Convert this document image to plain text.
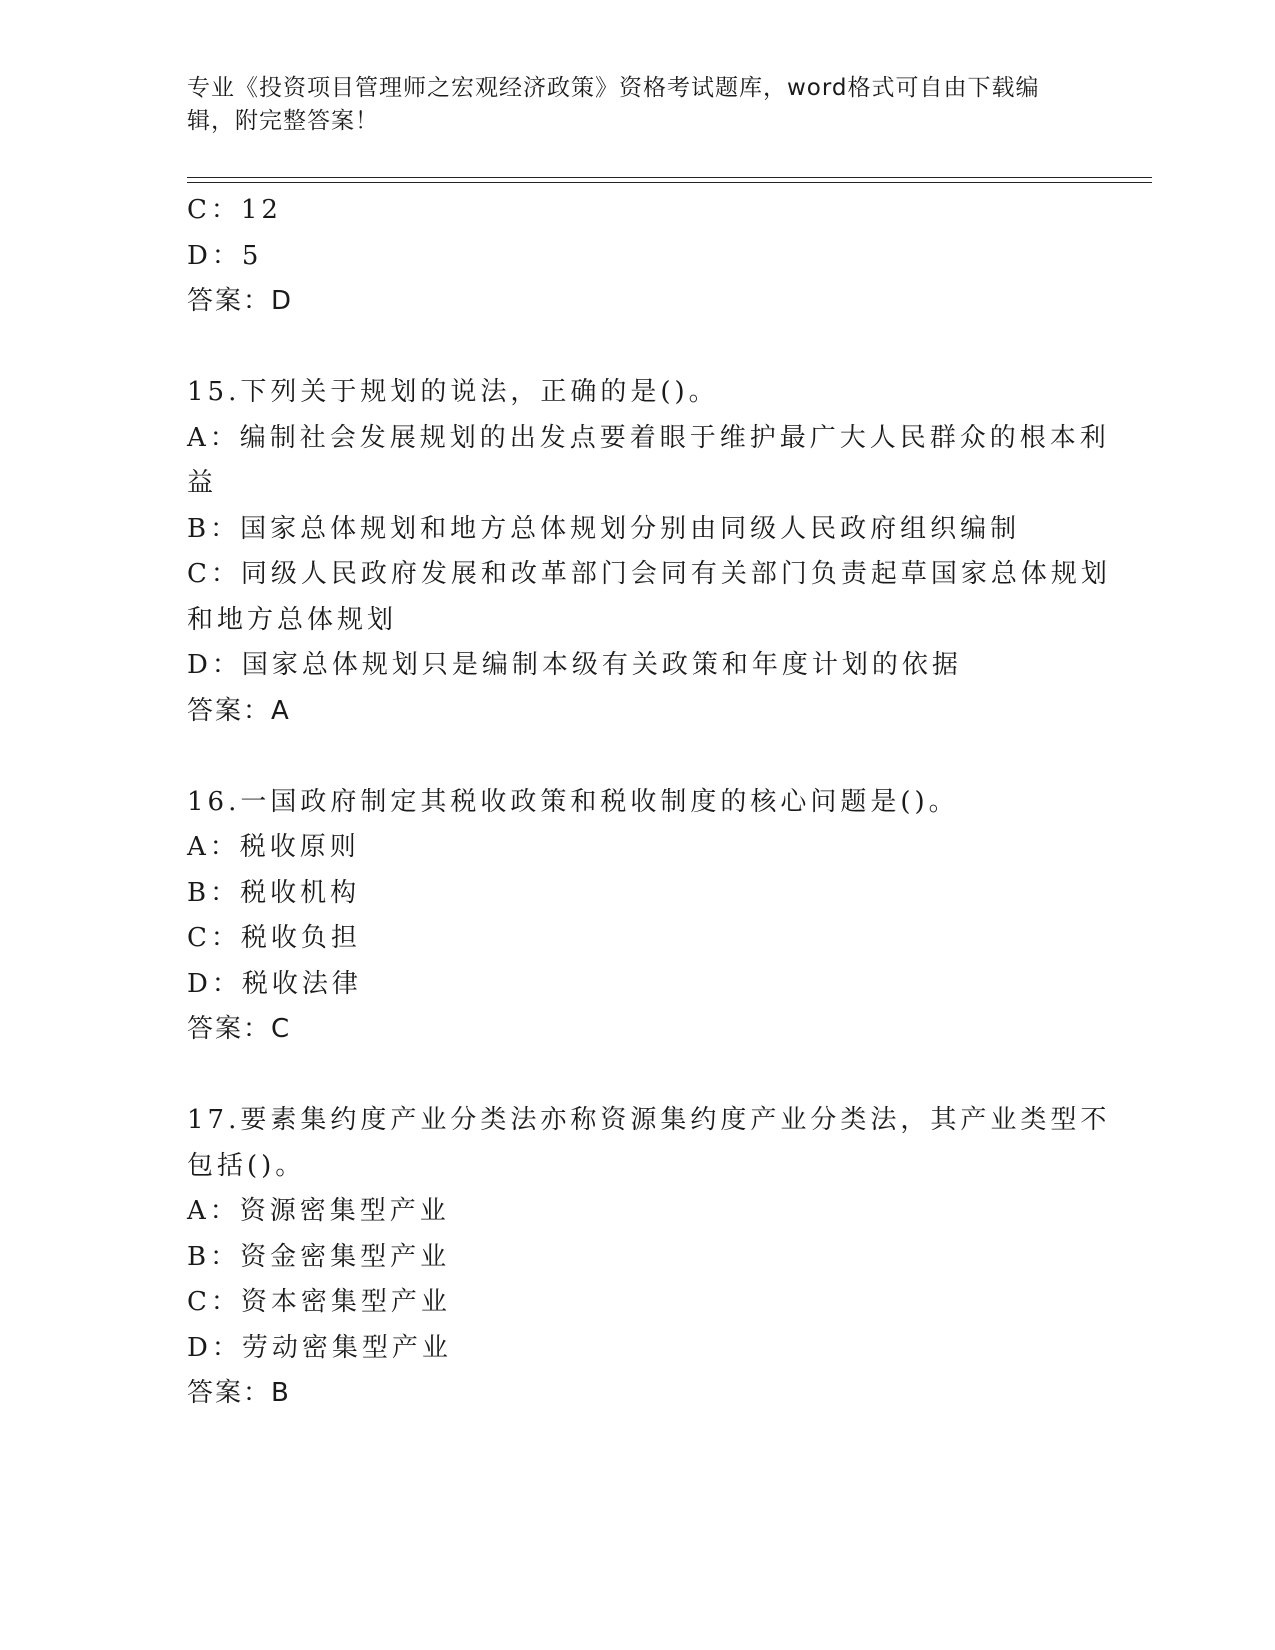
专业《投资项目管理师之宏观经济政策》资格考试题库，word格式可自由下载编
辑，附完整答案！
C：12
D：5
答案：D
15.下列关于规划的说法，正确的是()。
A：编制社会发展规划的出发点要着眼于维护最广大人民群众的根本利
益
B：国家总体规划和地方总体规划分别由同级人民政府组织编制
C：同级人民政府发展和改革部门会同有关部门负责起草国家总体规划
和地方总体规划
D：国家总体规划只是编制本级有关政策和年度计划的依据
答案：A
16.一国政府制定其税收政策和税收制度的核心问题是()。
A：税收原则
B：税收机构
C：税收负担
D：税收法律
答案：C
17.要素集约度产业分类法亦称资源集约度产业分类法，其产业类型不
包括()。
A：资源密集型产业
B：资金密集型产业
C：资本密集型产业
D：劳动密集型产业
答案：B
